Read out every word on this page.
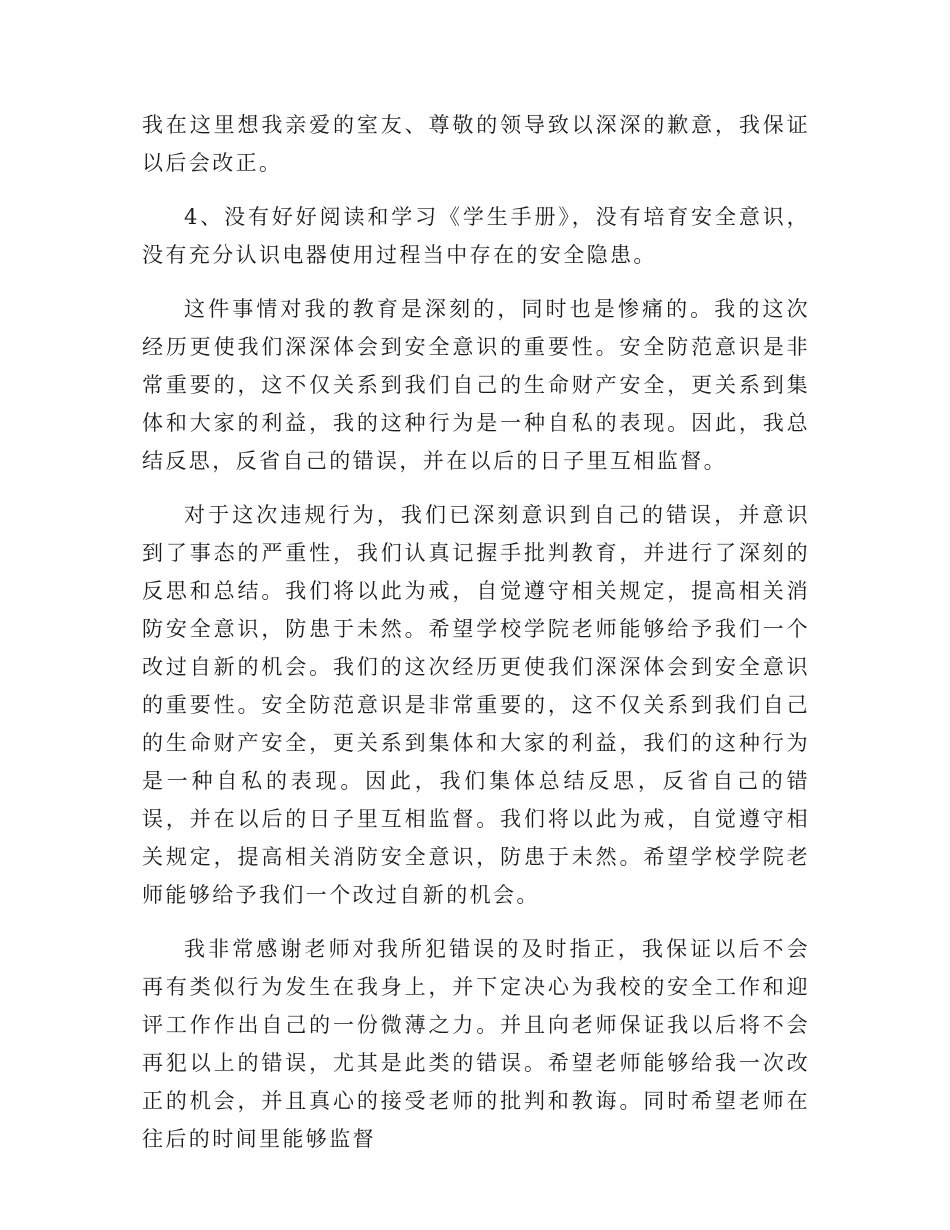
我在这里想我亲爱的室友、尊敬的领导致以深深的歉意，我保证以后会改正。

4、没有好好阅读和学习《学生手册》，没有培育安全意识，没有充分认识电器使用过程当中存在的安全隐患。

这件事情对我的教育是深刻的，同时也是惨痛的。我的这次经历更使我们深深体会到安全意识的重要性。安全防范意识是非常重要的，这不仅关系到我们自己的生命财产安全，更关系到集体和大家的利益，我的这种行为是一种自私的表现。因此，我总结反思，反省自己的错误，并在以后的日子里互相监督。

对于这次违规行为，我们已深刻意识到自己的错误，并意识到了事态的严重性，我们认真记握手批判教育，并进行了深刻的反思和总结。我们将以此为戒，自觉遵守相关规定，提高相关消防安全意识，防患于未然。希望学校学院老师能够给予我们一个改过自新的机会。我们的这次经历更使我们深深体会到安全意识的重要性。安全防范意识是非常重要的，这不仅关系到我们自己的生命财产安全，更关系到集体和大家的利益，我们的这种行为是一种自私的表现。因此，我们集体总结反思，反省自己的错误，并在以后的日子里互相监督。我们将以此为戒，自觉遵守相关规定，提高相关消防安全意识，防患于未然。希望学校学院老师能够给予我们一个改过自新的机会。

我非常感谢老师对我所犯错误的及时指正，我保证以后不会再有类似行为发生在我身上，并下定决心为我校的安全工作和迎评工作作出自己的一份微薄之力。并且向老师保证我以后将不会再犯以上的错误，尤其是此类的错误。希望老师能够给我一次改正的机会，并且真心的接受老师的批判和教诲。同时希望老师在往后的时间里能够监督
